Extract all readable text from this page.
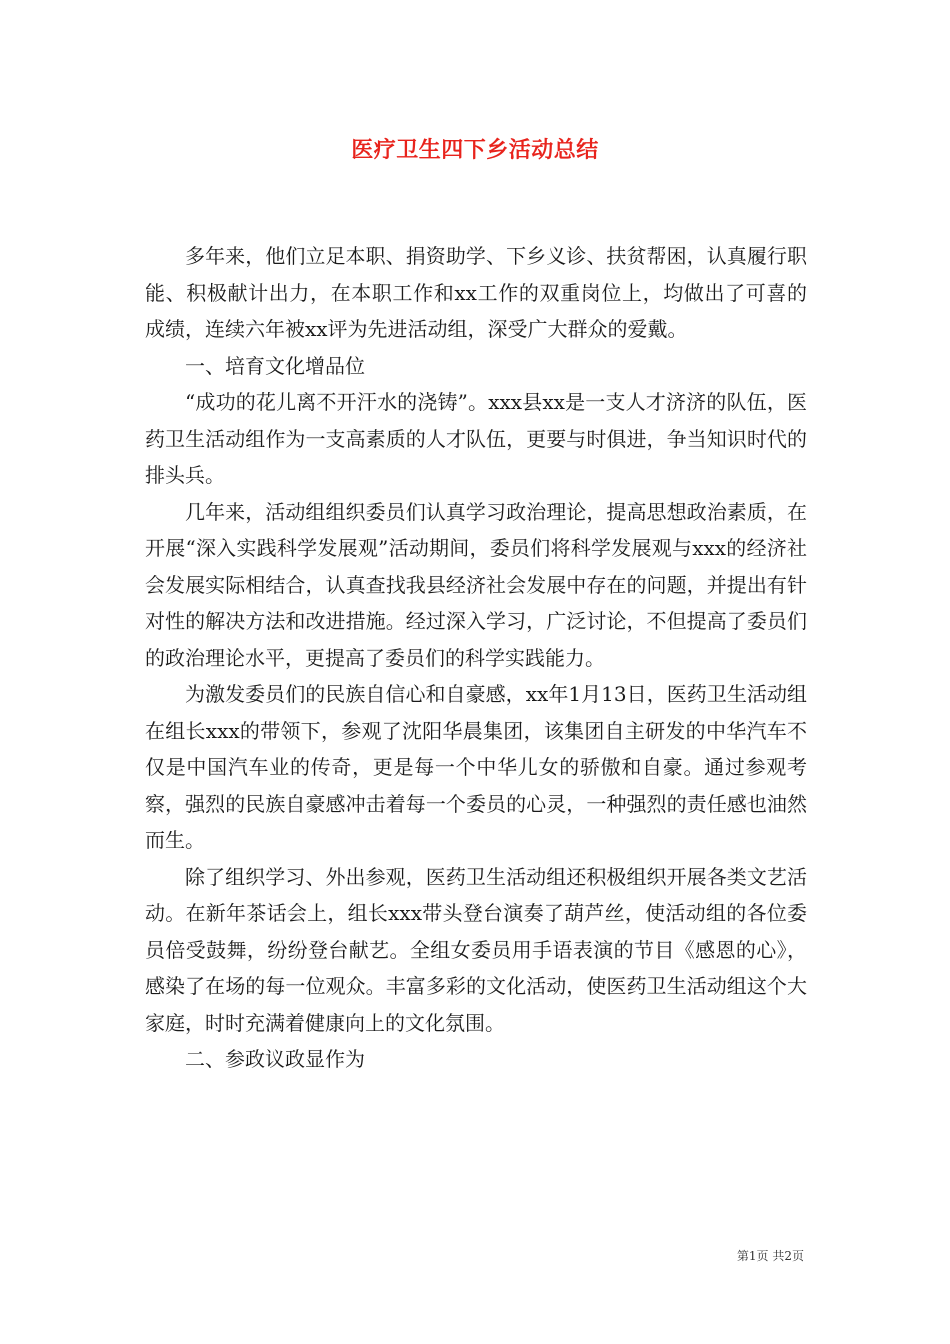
医疗卫生四下乡活动总结

多年来，他们立足本职、捐资助学、下乡义诊、扶贫帮困，认真履行职能、积极献计出力，在本职工作和xx工作的双重岗位上，均做出了可喜的成绩，连续六年被xx评为先进活动组，深受广大群众的爱戴。

一、培育文化增品位

“成功的花儿离不开汗水的浇铸”。xxx县xx是一支人才济济的队伍，医药卫生活动组作为一支高素质的人才队伍，更要与时俱进，争当知识时代的排头兵。

几年来，活动组组织委员们认真学习政治理论，提高思想政治素质，在开展“深入实践科学发展观”活动期间，委员们将科学发展观与xxx的经济社会发展实际相结合，认真查找我县经济社会发展中存在的问题，并提出有针对性的解决方法和改进措施。经过深入学习，广泛讨论，不但提高了委员们的政治理论水平，更提高了委员们的科学实践能力。

为激发委员们的民族自信心和自豪感，xx年1月13日，医药卫生活动组在组长xxx的带领下，参观了沈阳华晨集团，该集团自主研发的中华汽车不仅是中国汽车业的传奇，更是每一个中华儿女的骄傲和自豪。通过参观考察，强烈的民族自豪感冲击着每一个委员的心灵，一种强烈的责任感也油然而生。

除了组织学习、外出参观，医药卫生活动组还积极组织开展各类文艺活动。在新年茶话会上，组长xxx带头登台演奏了葫芦丝，使活动组的各位委员倍受鼓舞，纷纷登台献艺。全组女委员用手语表演的节目《感恩的心》，感染了在场的每一位观众。丰富多彩的文化活动，使医药卫生活动组这个大家庭，时时充满着健康向上的文化氛围。

二、参政议政显作为

第1页 共2页
